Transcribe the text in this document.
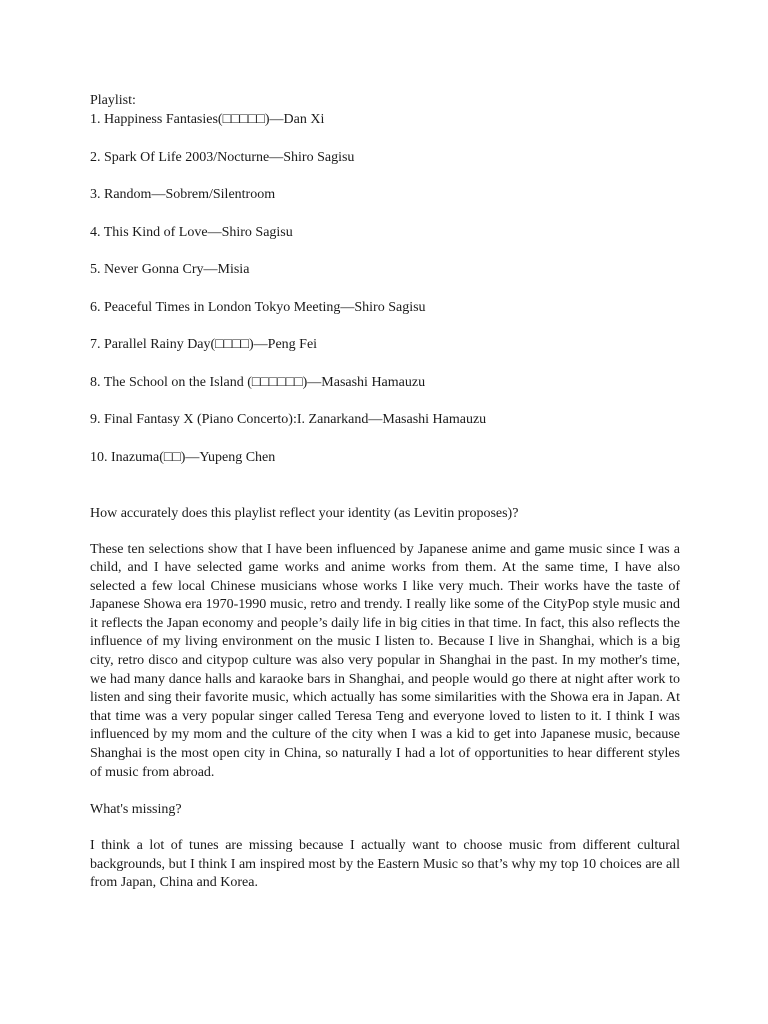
Playlist:

1. Happiness Fantasies(□□□□□)—Dan Xi

2. Spark Of Life 2003/Nocturne—Shiro Sagisu

3. Random—Sobrem/Silentroom

4. This Kind of Love—Shiro Sagisu

5. Never Gonna Cry—Misia

6. Peaceful Times in London Tokyo Meeting—Shiro Sagisu

7. Parallel Rainy Day(□□□□)—Peng Fei

8. The School on the Island (□□□□□□)—Masashi Hamauzu

9. Final Fantasy X (Piano Concerto):I. Zanarkand—Masashi Hamauzu

10. Inazuma(□□)—Yupeng Chen

How accurately does this playlist reflect your identity (as Levitin proposes)?

These ten selections show that I have been influenced by Japanese anime and game music since I was a child, and I have selected game works and anime works from them. At the same time, I have also selected a few local Chinese musicians whose works I like very much. Their works have the taste of Japanese Showa era 1970-1990 music, retro and trendy. I really like some of the CityPop style music and it reflects the Japan economy and people’s daily life in big cities in that time. In fact, this also reflects the influence of my living environment on the music I listen to. Because I live in Shanghai, which is a big city, retro disco and citypop culture was also very popular in Shanghai in the past. In my mother's time, we had many dance halls and karaoke bars in Shanghai, and people would go there at night after work to listen and sing their favorite music, which actually has some similarities with the Showa era in Japan. At that time was a very popular singer called Teresa Teng and everyone loved to listen to it. I think I was influenced by my mom and the culture of the city when I was a kid to get into Japanese music, because Shanghai is the most open city in China, so naturally I had a lot of opportunities to hear different styles of music from abroad.

What's missing?

I think a lot of tunes are missing because I actually want to choose music from different cultural backgrounds, but I think I am inspired most by the Eastern Music so that’s why my top 10 choices are all from Japan, China and Korea.
